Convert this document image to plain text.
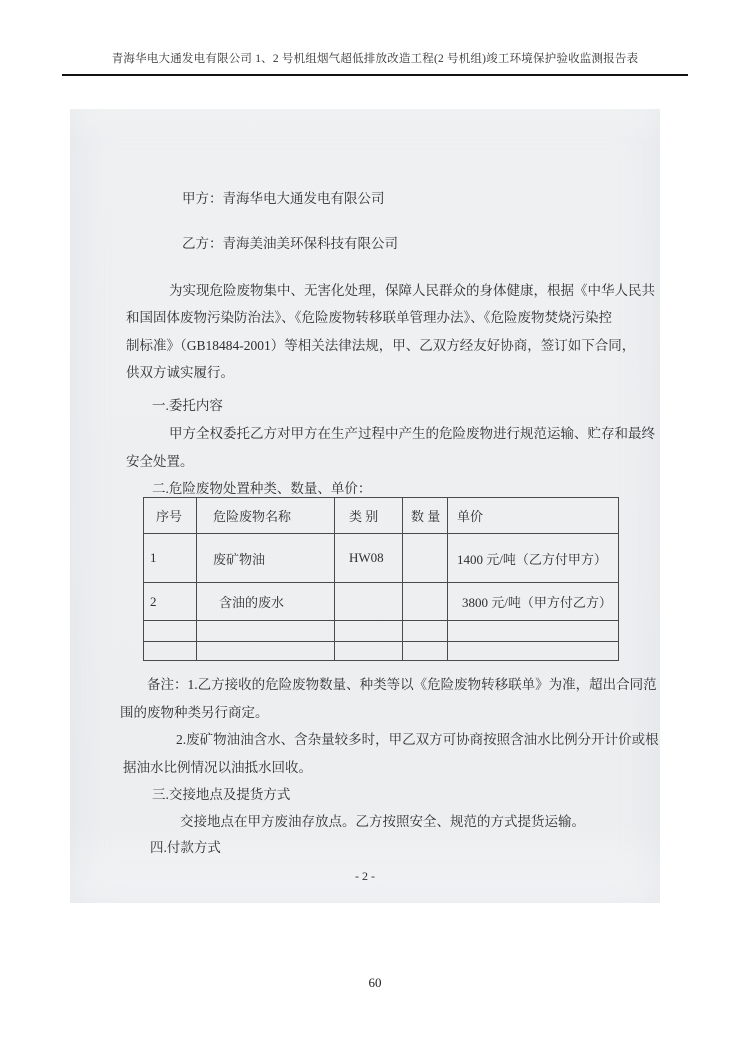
青海华电大通发电有限公司 1、2 号机组烟气超低排放改造工程(2 号机组)竣工环境保护验收监测报告表
甲方：青海华电大通发电有限公司
乙方：青海美油美环保科技有限公司
为实现危险废物集中、无害化处理，保障人民群众的身体健康，根据《中华人民共
和国固体废物污染防治法》、《危险废物转移联单管理办法》、《危险废物焚烧污染控
制标准》（GB18484-2001）等相关法律法规，甲、乙双方经友好协商，签订如下合同，
供双方诚实履行。
一.委托内容
甲方全权委托乙方对甲方在生产过程中产生的危险废物进行规范运输、贮存和最终
安全处置。
二.危险废物处置种类、数量、单价：
序号	危险废物名称	类 别	数 量	单价
1	废矿物油	HW08		1400 元/吨（乙方付甲方）
2	含油的废水			3800 元/吨（甲方付乙方）

备注：1.乙方接收的危险废物数量、种类等以《危险废物转移联单》为准，超出合同范
围的废物种类另行商定。
2.废矿物油油含水、含杂量较多时，甲乙双方可协商按照含油水比例分开计价或根
据油水比例情况以油抵水回收。
三.交接地点及提货方式
交接地点在甲方废油存放点。乙方按照安全、规范的方式提货运输。
四.付款方式
- 2 -
60
